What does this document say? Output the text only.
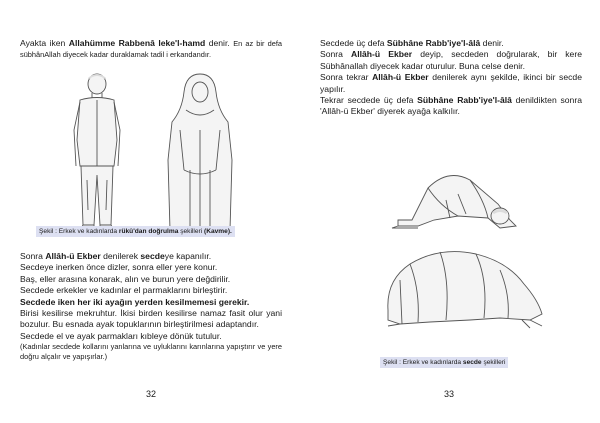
Ayakta iken Allahümme Rabbenâ leke'l-hamd denir. En az bir defa sübhânAllah diyecek kadar duraklamak tadil i erkandandır.
Şekil : Erkek ve kadınlarda rükû'dan doğrulma şekilleri (Kavme).
Sonra Allâh-ü Ekber denilerek secdeye kapanılır.
Secdeye inerken önce dizler, sonra eller yere konur.
Baş, eller arasına konarak, alın ve burun yere değdirilir.
Secdede erkekler ve kadınlar el parmaklarını birleştirir.
Secdede iken her iki ayağın yerden kesilmemesi gerekir.
Birisi kesilirse mekruhtur. İkisi birden kesilirse namaz fasit olur yani bozulur. Bu esnada ayak topuklarının birleştirilmesi adaptandır.
Secdede el ve ayak parmakları kıbleye dönük tutulur.
(Kadınlar secdede kollarını yanlarına ve uyluklarını karınlarına yapıştırır ve yere doğru alçalır ve yapışırlar.)
32
Secdede üç defa Sübhâne Rabb'iye'l-âlâ denir.
Sonra Allâh-ü Ekber deyip, secdeden doğrularak, bir kere Sübhânallah diyecek kadar oturulur. Buna celse denir.
Sonra tekrar Allâh-ü Ekber denilerek aynı şekilde, ikinci bir secde yapılır.
Tekrar secdede üç defa Sübhâne Rabb'iye'l-âlâ denildikten sonra 'Allâh-ü Ekber' diyerek ayağa kalkılır.
Şekil : Erkek ve kadınlarda secde şekilleri
33
